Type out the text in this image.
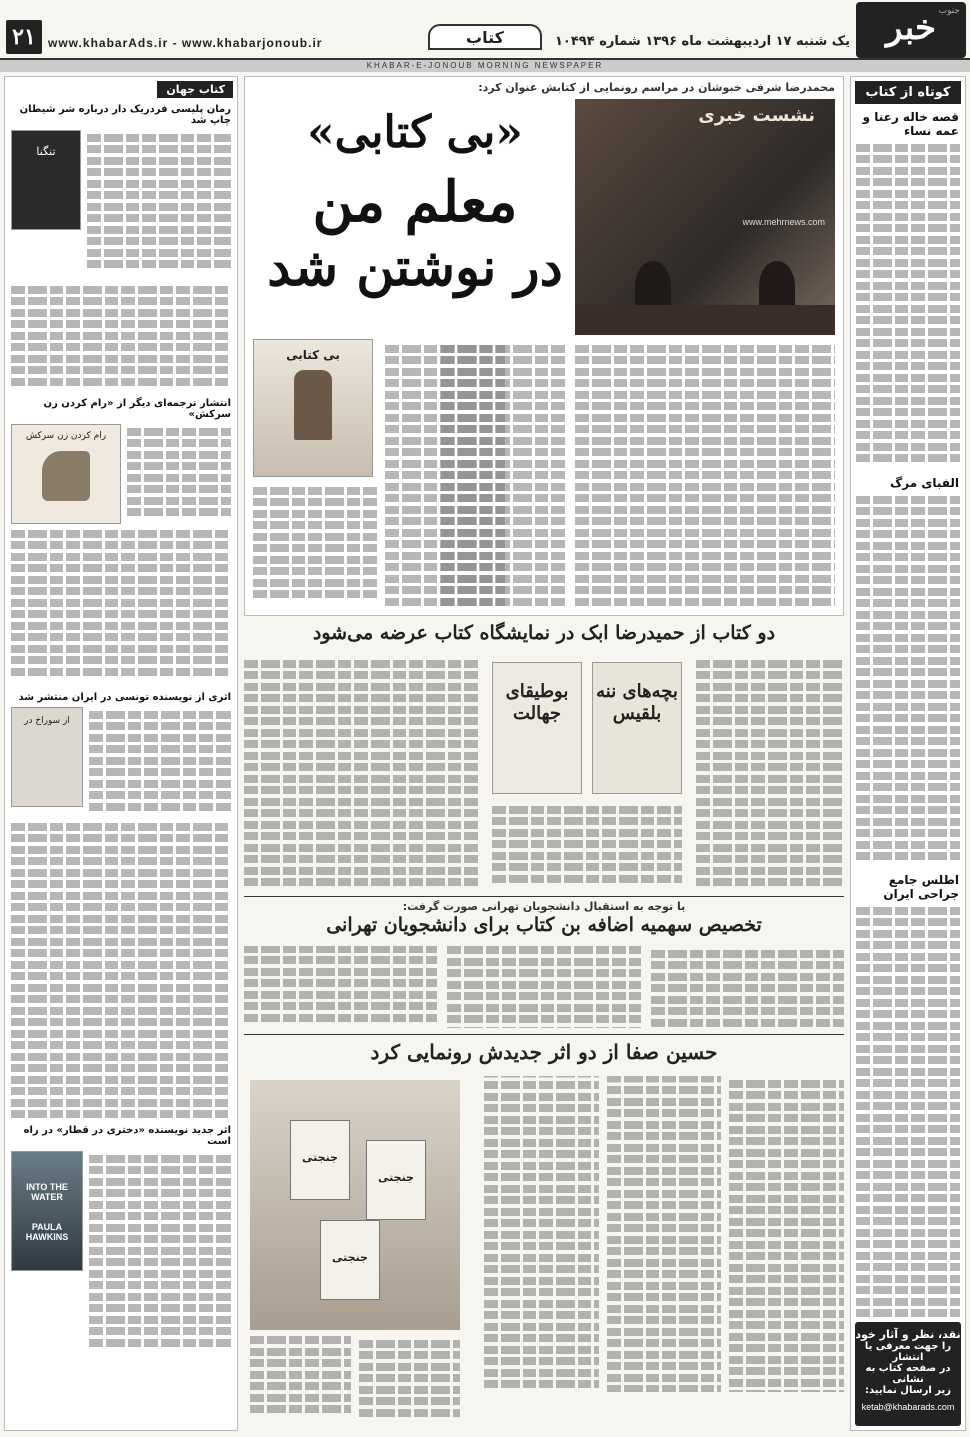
خبر جنوب
یک شنبه ۱۷ اردیبهشت ماه ۱۳۹۶ شماره ۱۰۴۹۴
کتاب
www.khabarAds.ir - www.khabarjonoub.ir
۲۱
KHABAR-E-JONOUB MORNING NEWSPAPER
کوتاه از کتاب
قصه خاله رعنا و عمه نساء
الفبای مرگ
اطلس جامع جراحی ایران
نقد، نظر و آثار خود
را جهت معرفی یا انتشار
در صفحه کتاب به نشانی
زیر ارسال نمایید:
ketab@khabarads.com
محمدرضا شرفی خبوشان در مراسم رونمایی از کتابش عنوان کرد:
نشست خبری
www.mehrnews.com
«بی کتابی»
معلم من
در نوشتن شد
بی کتابی
دو کتاب از حمیدرضا ابک در نمایشگاه کتاب عرضه می‌شود
بچه‌های ننه بلقیس
بوطیقای جهالت
با توجه به استقبال دانشجویان تهرانی صورت گرفت:
تخصیص سهمیه اضافه بن کتاب برای دانشجویان تهرانی
حسین صفا از دو اثر جدیدش رونمایی کرد
جنجتی
جنجتی
جنجتی
کتاب جهان
رمان پلیسی فردریک دار درباره شر شیطان چاپ شد
تنگنا
انتشار ترجمه‌ای دیگر از «رام کردن زن سرکش»
رام کردن زن سرکش
اثری از نویسنده تونسی در ایران منتشر شد
از سوراخ در
اثر جدید نویسنده «دختری در قطار» در راه است
INTO THE WATER
PAULA HAWKINS
